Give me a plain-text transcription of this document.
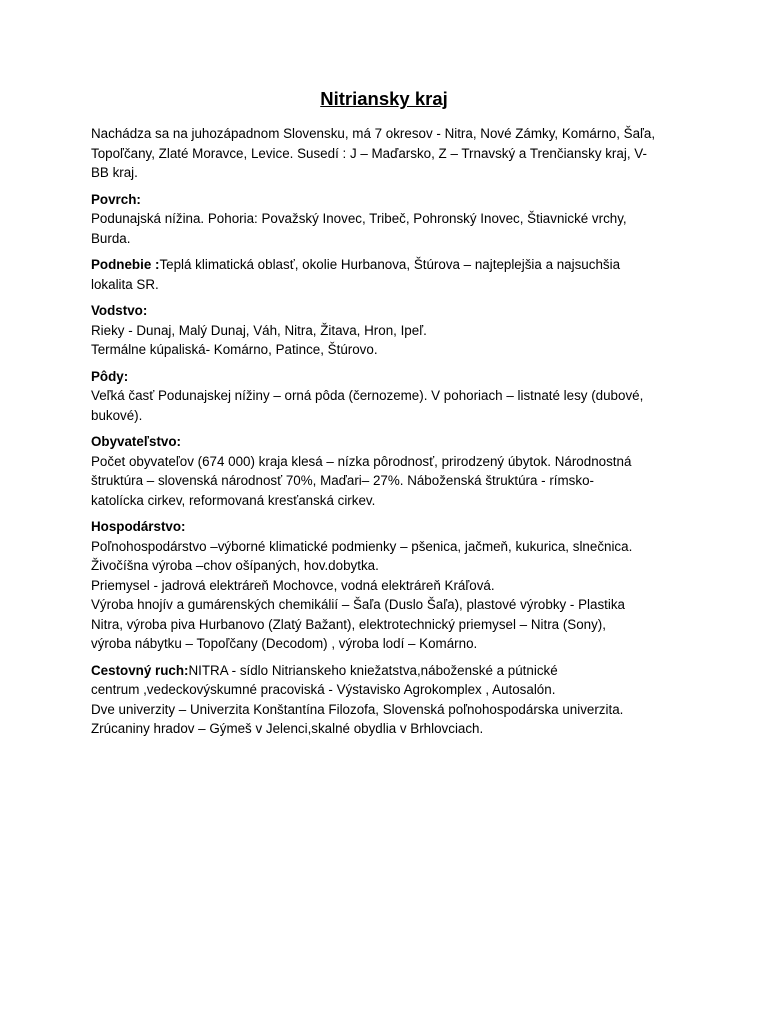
Nitriansky kraj

Nachádza sa na juhozápadnom Slovensku, má 7 okresov - Nitra, Nové Zámky, Komárno, Šaľa,

Topoľčany, Zlaté Moravce, Levice. Susedí : J – Maďarsko, Z – Trnavský a Trenčiansky kraj, V-

BB kraj.

Povrch:

Podunajská nížina. Pohoria: Považský Inovec, Tribeč, Pohronský Inovec, Štiavnické vrchy,

Burda.

Podnebie :Teplá klimatická oblasť, okolie Hurbanova, Štúrova – najteplejšia a najsuchšia

lokalita SR.

Vodstvo:

Rieky - Dunaj, Malý Dunaj, Váh, Nitra, Žitava, Hron, Ipeľ.

Termálne kúpaliská- Komárno, Patince, Štúrovo.

Pôdy:

Veľká časť Podunajskej nížiny – orná pôda (černozeme). V pohoriach – listnaté lesy (dubové,

bukové).

Obyvateľstvo:

Počet obyvateľov (674 000) kraja klesá – nízka pôrodnosť, prirodzený úbytok. Národnostná

štruktúra – slovenská národnosť 70%, Maďari– 27%. Náboženská štruktúra - rímsko-

katolícka cirkev, reformovaná kresťanská cirkev.

Hospodárstvo:

Poľnohospodárstvo –výborné klimatické podmienky – pšenica, jačmeň, kukurica, slnečnica.

Živočíšna výroba –chov ošípaných, hov.dobytka.

Priemysel - jadrová elektráreň Mochovce, vodná elektráreň Kráľová.

Výroba hnojív a gumárenských chemikálií – Šaľa (Duslo Šaľa), plastové výrobky - Plastika

Nitra, výroba piva Hurbanovo (Zlatý Bažant), elektrotechnický priemysel – Nitra (Sony),

výroba nábytku – Topoľčany (Decodom) , výroba lodí – Komárno.

Cestovný ruch:NITRA - sídlo Nitrianskeho kniežatstva,náboženské a pútnické

centrum ,vedeckovýskumné pracoviská - Výstavisko Agrokomplex , Autosalón.

Dve univerzity – Univerzita Konštantína Filozofa, Slovenská poľnohospodárska univerzita.

Zrúcaniny hradov – Gýmeš v Jelenci,skalné obydlia v Brhlovciach.
